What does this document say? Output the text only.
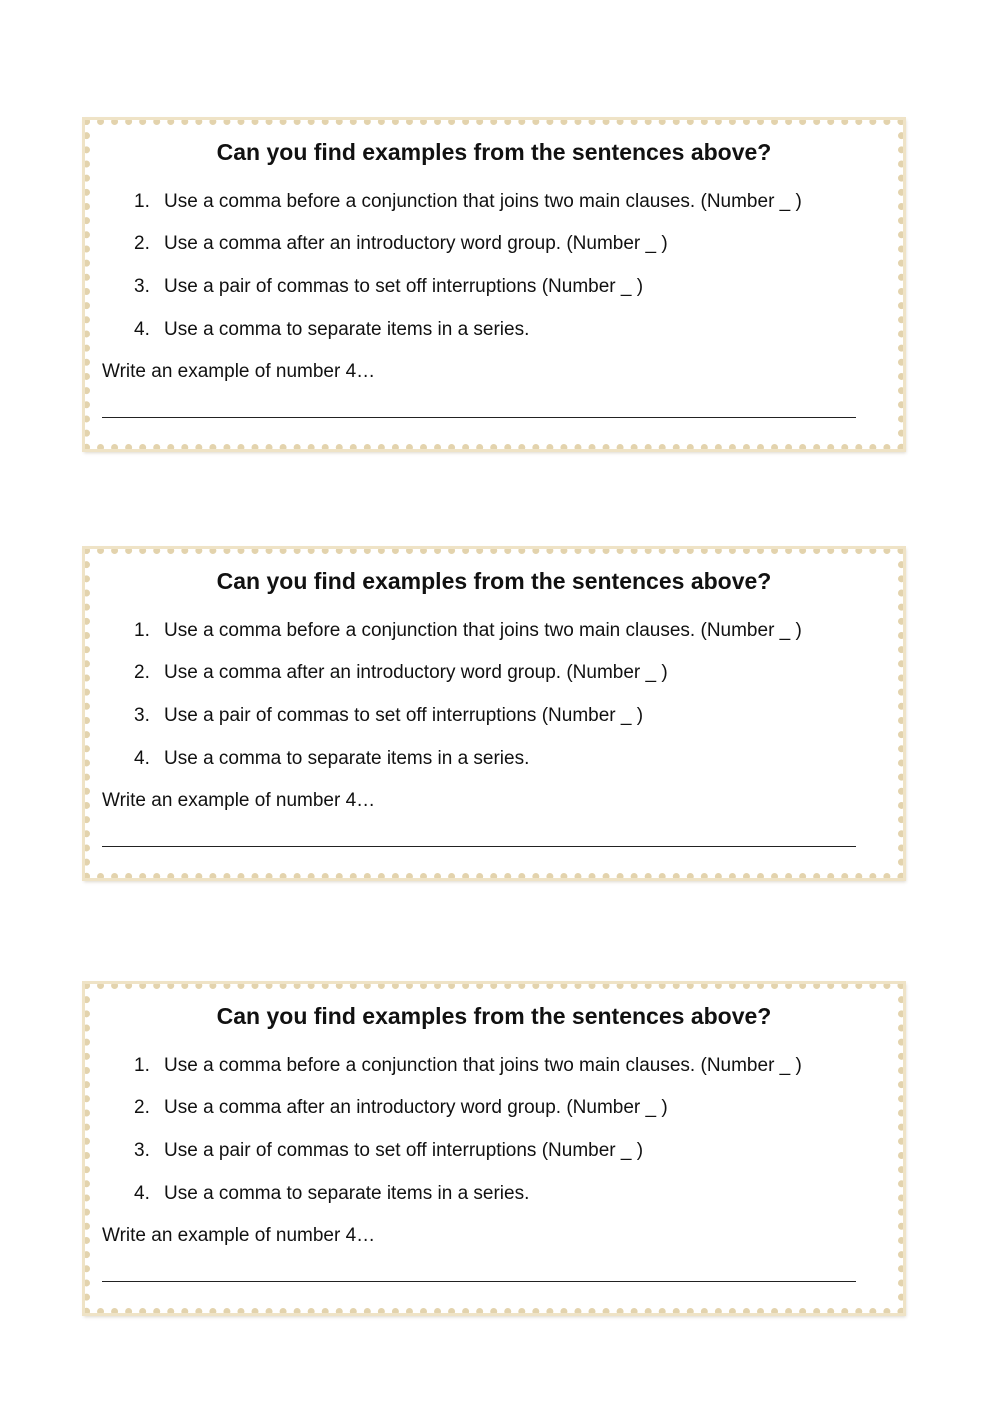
Can you find examples from the sentences above?
1. Use a comma before a conjunction that joins two main clauses. (Number _ )
2. Use a comma after an introductory word group. (Number _ )
3. Use a pair of commas to set off interruptions (Number _ )
4. Use a comma to separate items in a series.
Write an example of number 4…
Can you find examples from the sentences above?
1. Use a comma before a conjunction that joins two main clauses. (Number _ )
2. Use a comma after an introductory word group. (Number _ )
3. Use a pair of commas to set off interruptions (Number _ )
4. Use a comma to separate items in a series.
Write an example of number 4…
Can you find examples from the sentences above?
1. Use a comma before a conjunction that joins two main clauses. (Number _ )
2. Use a comma after an introductory word group. (Number _ )
3. Use a pair of commas to set off interruptions (Number _ )
4. Use a comma to separate items in a series.
Write an example of number 4…
